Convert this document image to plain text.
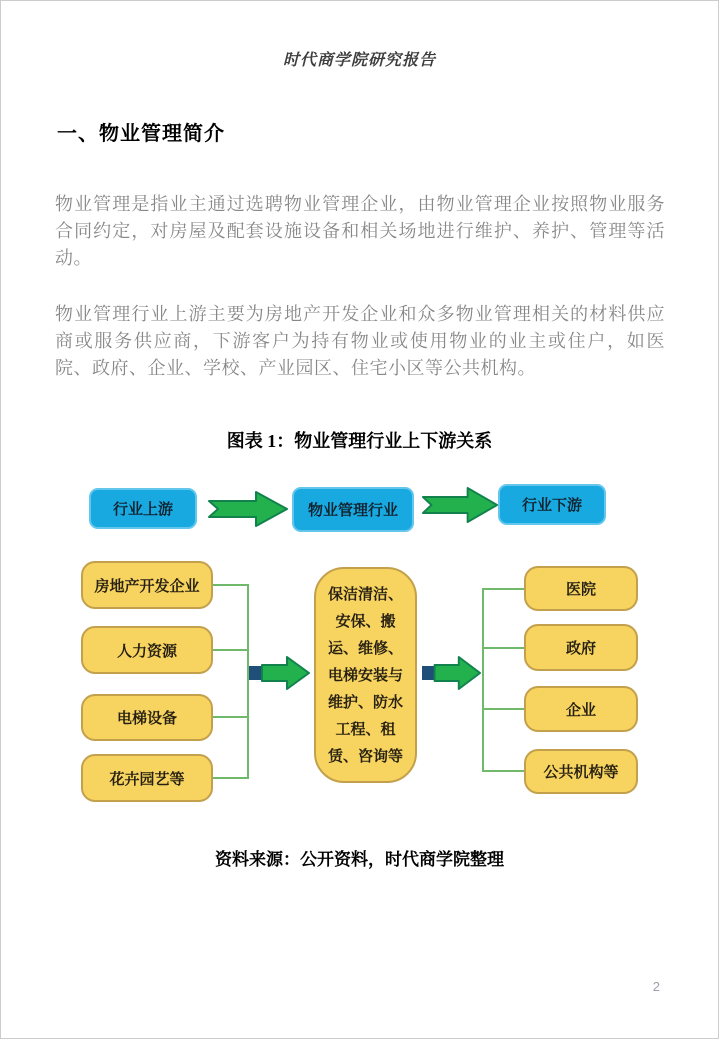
时代商学院研究报告
一、物业管理简介

物业管理是指业主通过选聘物业管理企业，由物业管理企业按照物业服务合同约定，对房屋及配套设施设备和相关场地进行维护、养护、管理等活动。

物业管理行业上游主要为房地产开发企业和众多物业管理相关的材料供应商或服务供应商，下游客户为持有物业或使用物业的业主或住户，如医院、政府、企业、学校、产业园区、住宅小区等公共机构。

图表 1：物业管理行业上下游关系
行业上游	物业管理行业	行业下游
房地产开发企业
人力资源
电梯设备
花卉园艺等
保洁清洁、安保、搬运、维修、电梯安装与维护、防水工程、租赁、咨询等
医院
政府
企业
公共机构等
资料来源：公开资料，时代商学院整理
2
